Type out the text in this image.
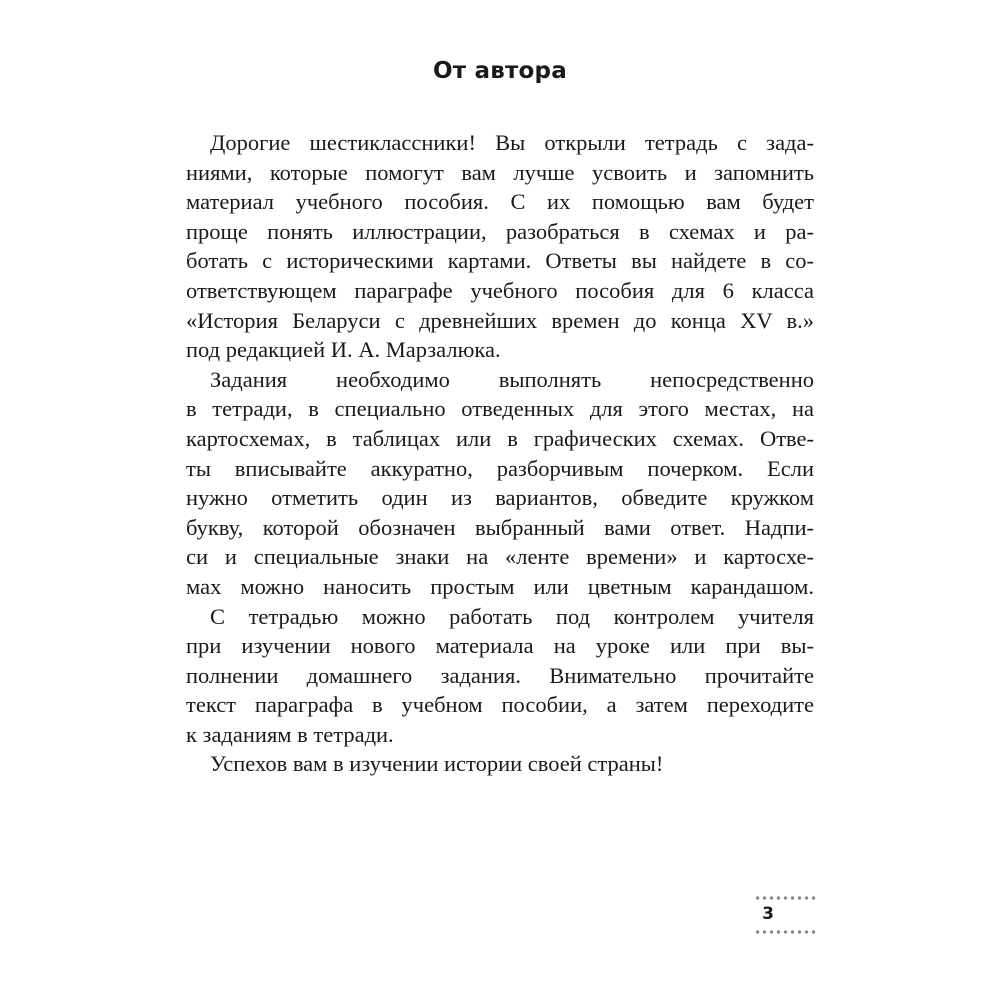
От автора
Дорогие шестиклассники! Вы открыли тетрадь с зада-
ниями, которые помогут вам лучше усвоить и запомнить
материал учебного пособия. С их помощью вам будет
проще понять иллюстрации, разобраться в схемах и ра-
ботать с историческими картами. Ответы вы найдете в со-
ответствующем параграфе учебного пособия для 6 класса
«История Беларуси с древнейших времен до конца XV в.»
под редакцией И. А. Марзалюка.
Задания необходимо выполнять непосредственно
в тетради, в специально отведенных для этого местах, на
картосхемах, в таблицах или в графических схемах. Отве-
ты вписывайте аккуратно, разборчивым почерком. Если
нужно отметить один из вариантов, обведите кружком
букву, которой обозначен выбранный вами ответ. Надпи-
си и специальные знаки на «ленте времени» и картосхе-
мах можно наносить простым или цветным карандашом.
С тетрадью можно работать под контролем учителя
при изучении нового материала на уроке или при вы-
полнении домашнего задания. Внимательно прочитайте
текст параграфа в учебном пособии, а затем переходите
к заданиям в тетради.
Успехов вам в изучении истории своей страны!
3
